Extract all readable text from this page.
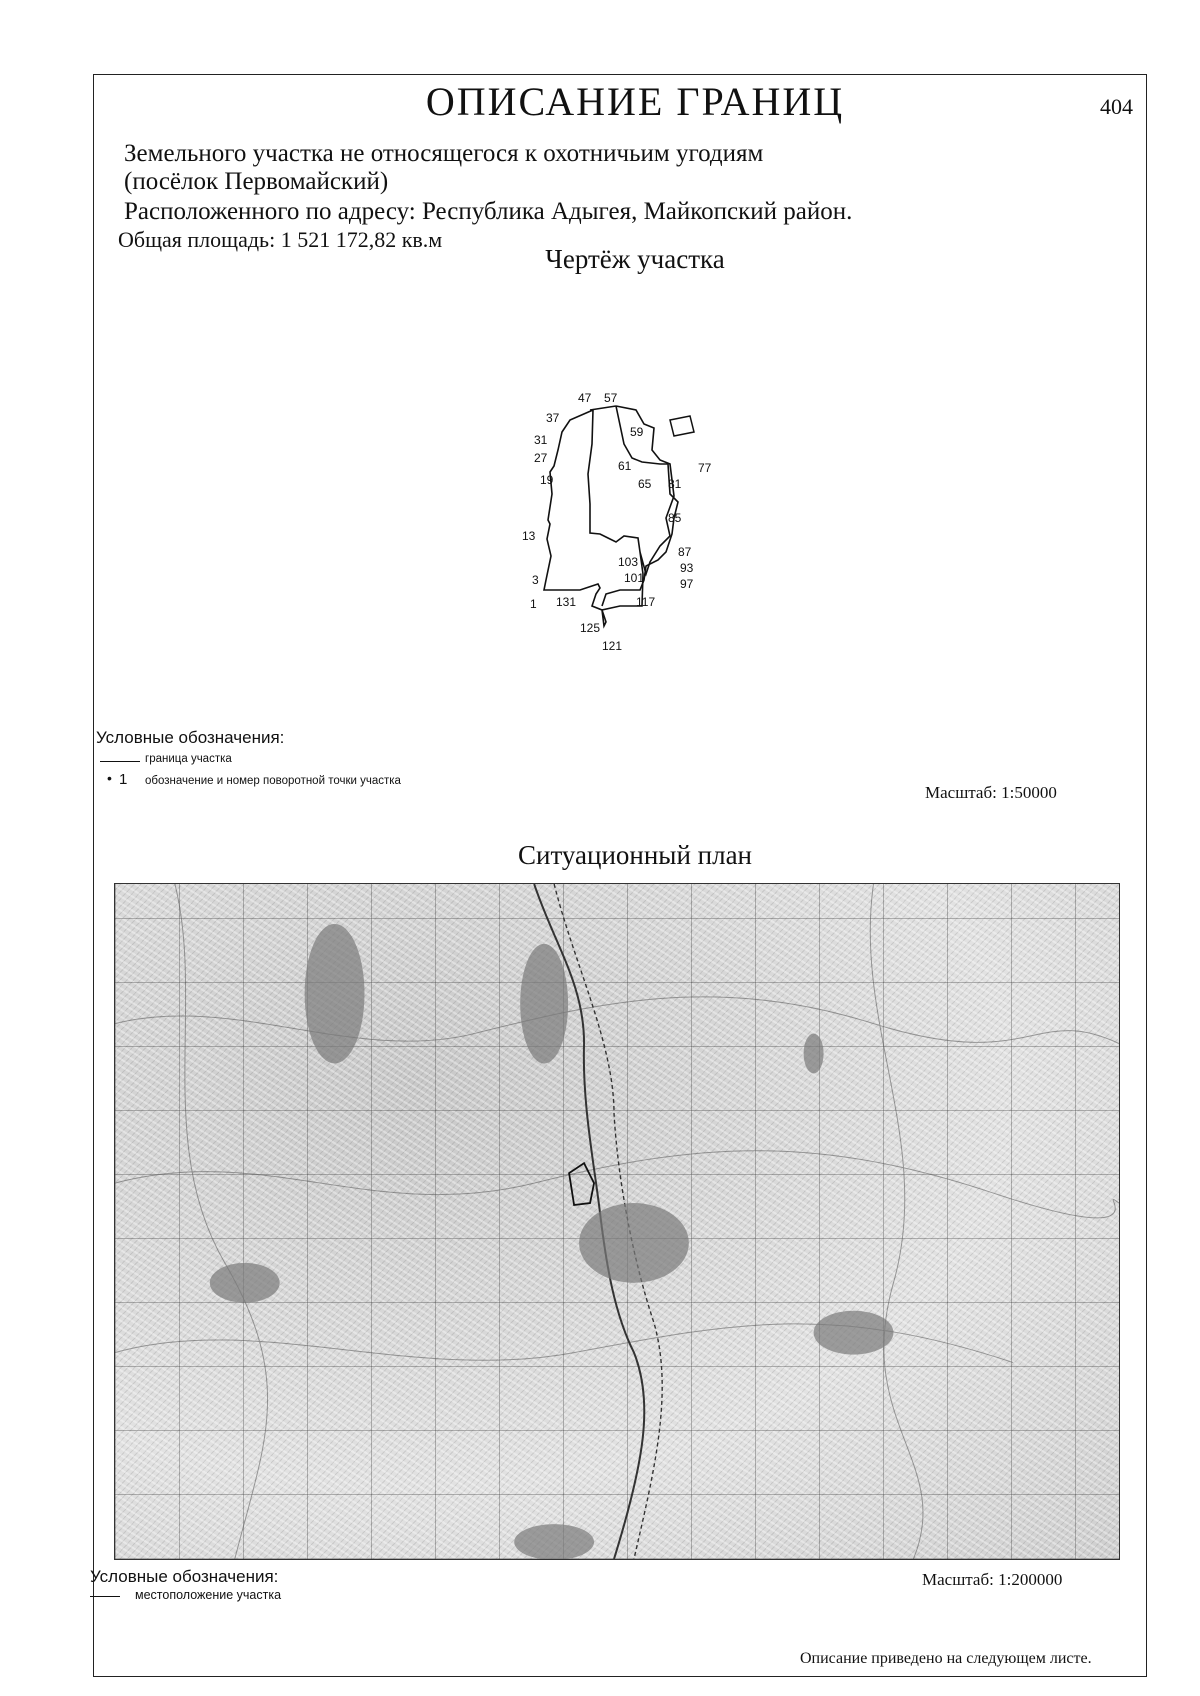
ОПИСАНИЕ ГРАНИЦ	404
Земельного участка не относящегося к охотничьим угодиям
(посёлок Первомайский)
Расположенного по адресу: Республика Адыгея, Майкопский район.
Общая площадь: 1 521 172,82 кв.м
Чертёж участка
47 57
37
59
31
27
19
61
65 81
77
85
13
87
103	93
3	101	97
1 131	117
125
121
Условные обозначения:
граница участка
• 1 обозначение и номер поворотной точки участка
Масштаб: 1:50000
Ситуационный план
Условные обозначения:
местоположение участка
Масштаб: 1:200000
Описание приведено на следующем листе.
